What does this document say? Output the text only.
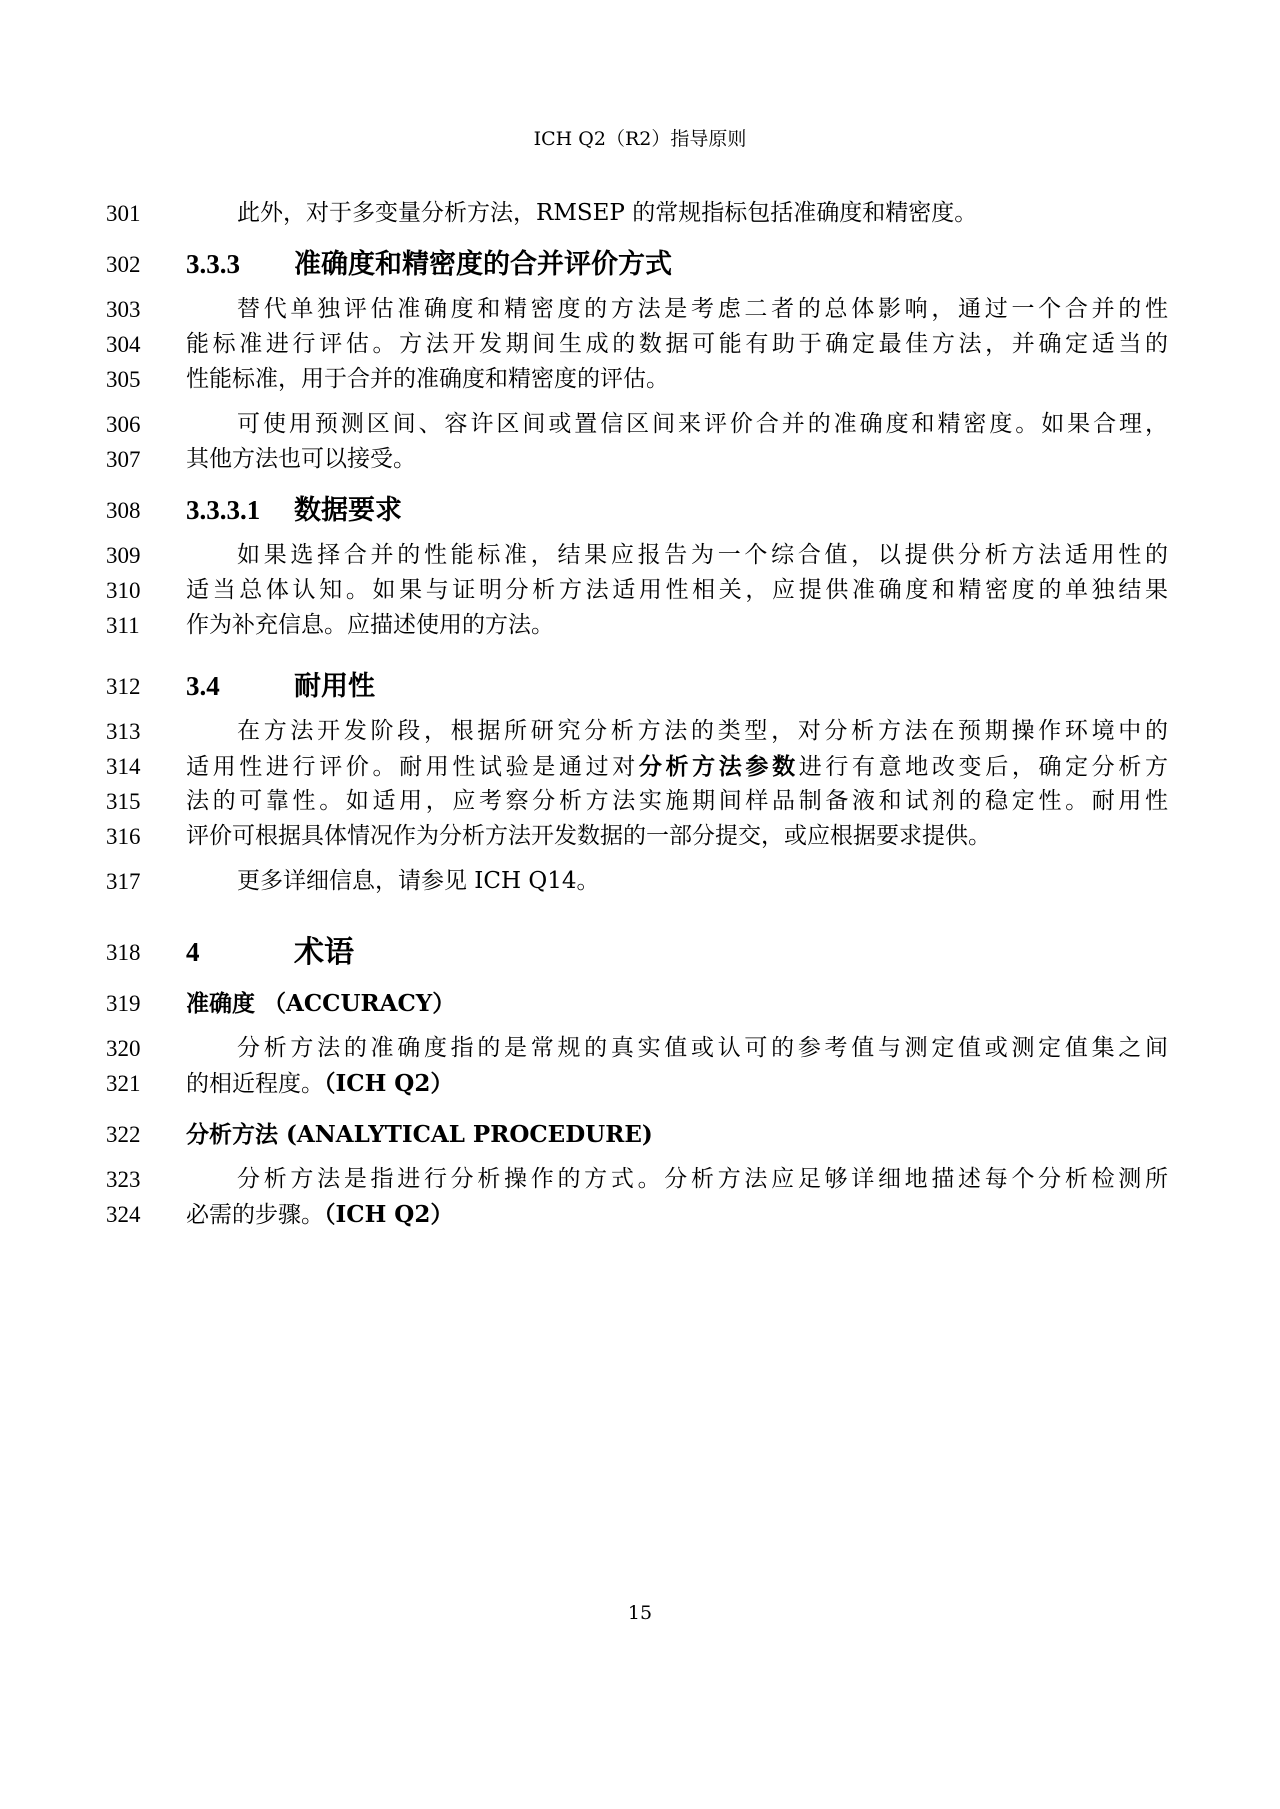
ICH Q2（R2）指导原则
301	此外，对于多变量分析方法，RMSEP 的常规指标包括准确度和精密度。
302	3.3.3 准确度和精密度的合并评价方式
303	替代单独评估准确度和精密度的方法是考虑二者的总体影响，通过一个合并的性
304	能标准进行评估。方法开发期间生成的数据可能有助于确定最佳方法，并确定适当的
305	性能标准，用于合并的准确度和精密度的评估。
306	可使用预测区间、容许区间或置信区间来评价合并的准确度和精密度。如果合理，
307	其他方法也可以接受。
308	3.3.3.1 数据要求
309	如果选择合并的性能标准，结果应报告为一个综合值，以提供分析方法适用性的
310	适当总体认知。如果与证明分析方法适用性相关，应提供准确度和精密度的单独结果
311	作为补充信息。应描述使用的方法。
312	3.4	耐用性
313	在方法开发阶段，根据所研究分析方法的类型，对分析方法在预期操作环境中的
314	适用性进行评价。耐用性试验是通过对分析方法参数进行有意地改变后，确定分析方
315	法的可靠性。如适用，应考察分析方法实施期间样品制备液和试剂的稳定性。耐用性
316	评价可根据具体情况作为分析方法开发数据的一部分提交，或应根据要求提供。
317	更多详细信息，请参见 ICH Q14。
318	4	术语
319	准确度 （ACCURACY）
320	分析方法的准确度指的是常规的真实值或认可的参考值与测定值或测定值集之间
321	的相近程度。（ICH Q2）
322	分析方法 (ANALYTICAL PROCEDURE)
323	分析方法是指进行分析操作的方式。分析方法应足够详细地描述每个分析检测所
324	必需的步骤。（ICH Q2）
15
